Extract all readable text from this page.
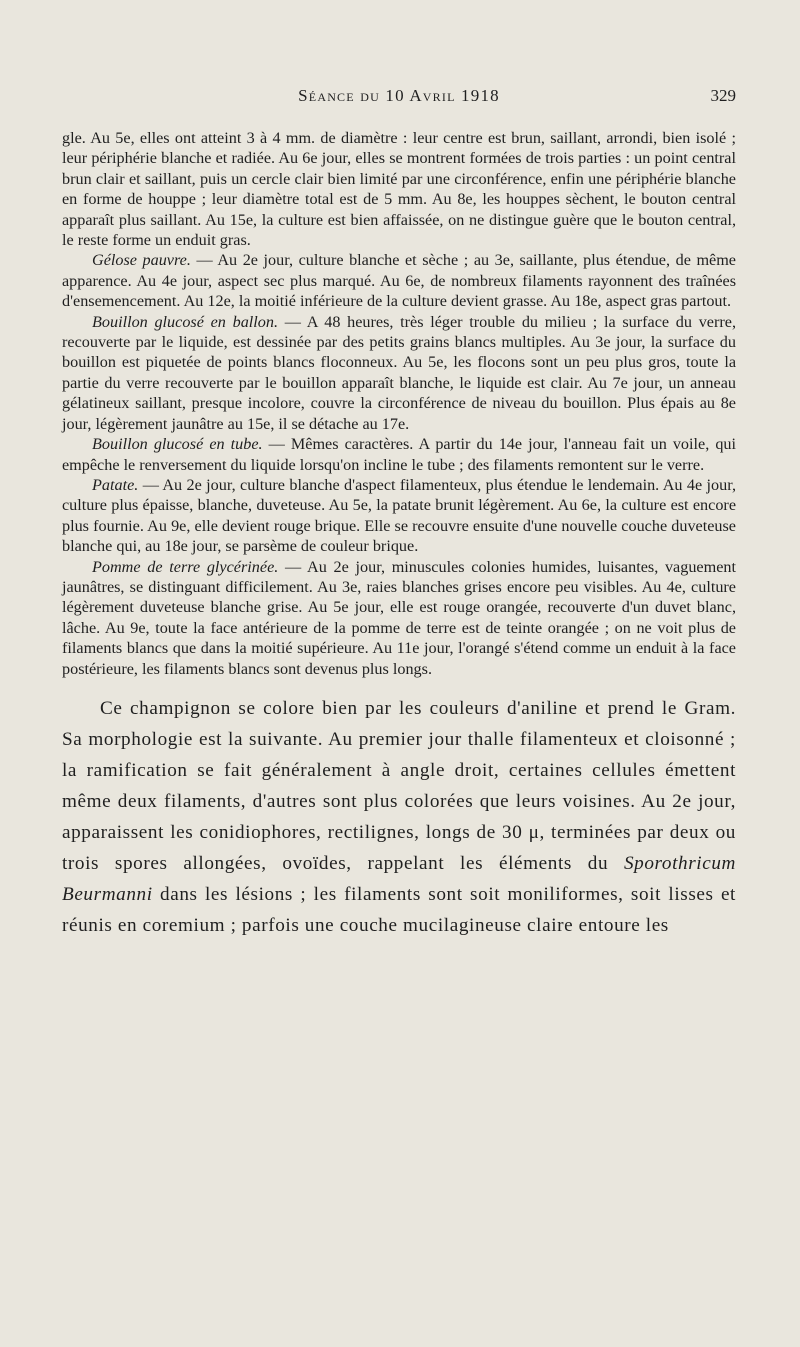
Séance du 10 Avril 1918	329

gle. Au 5e, elles ont atteint 3 à 4 mm. de diamètre : leur centre est brun, saillant, arrondi, bien isolé ; leur périphérie blanche et radiée. Au 6e jour, elles se montrent formées de trois parties : un point central brun clair et saillant, puis un cercle clair bien limité par une circonférence, enfin une périphérie blanche en forme de houppe ; leur diamètre total est de 5 mm. Au 8e, les houppes sèchent, le bouton central apparaît plus saillant. Au 15e, la culture est bien affaissée, on ne distingue guère que le bouton central, le reste forme un enduit gras.

Gélose pauvre. — Au 2e jour, culture blanche et sèche ; au 3e, saillante, plus étendue, de même apparence. Au 4e jour, aspect sec plus marqué. Au 6e, de nombreux filaments rayonnent des traînées d'ensemencement. Au 12e, la moitié inférieure de la culture devient grasse. Au 18e, aspect gras partout.

Bouillon glucosé en ballon. — A 48 heures, très léger trouble du milieu ; la surface du verre, recouverte par le liquide, est dessinée par des petits grains blancs multiples. Au 3e jour, la surface du bouillon est piquetée de points blancs floconneux. Au 5e, les flocons sont un peu plus gros, toute la partie du verre recouverte par le bouillon apparaît blanche, le liquide est clair. Au 7e jour, un anneau gélatineux saillant, presque incolore, couvre la circonférence de niveau du bouillon. Plus épais au 8e jour, légèrement jaunâtre au 15e, il se détache au 17e.

Bouillon glucosé en tube. — Mêmes caractères. A partir du 14e jour, l'anneau fait un voile, qui empêche le renversement du liquide lorsqu'on incline le tube ; des filaments remontent sur le verre.

Patate. — Au 2e jour, culture blanche d'aspect filamenteux, plus étendue le lendemain. Au 4e jour, culture plus épaisse, blanche, duveteuse. Au 5e, la patate brunit légèrement. Au 6e, la culture est encore plus fournie. Au 9e, elle devient rouge brique. Elle se recouvre ensuite d'une nouvelle couche duveteuse blanche qui, au 18e jour, se parsème de couleur brique.

Pomme de terre glycérinée. — Au 2e jour, minuscules colonies humides, luisantes, vaguement jaunâtres, se distinguant difficilement. Au 3e, raies blanches grises encore peu visibles. Au 4e, culture légèrement duveteuse blanche grise. Au 5e jour, elle est rouge orangée, recouverte d'un duvet blanc, lâche. Au 9e, toute la face antérieure de la pomme de terre est de teinte orangée ; on ne voit plus de filaments blancs que dans la moitié supérieure. Au 11e jour, l'orangé s'étend comme un enduit à la face postérieure, les filaments blancs sont devenus plus longs.

Ce champignon se colore bien par les couleurs d'aniline et prend le Gram. Sa morphologie est la suivante. Au premier jour thalle filamenteux et cloisonné ; la ramification se fait généralement à angle droit, certaines cellules émettent même deux filaments, d'autres sont plus colorées que leurs voisines. Au 2e jour, apparaissent les conidiophores, rectilignes, longs de 30 μ, terminées par deux ou trois spores allongées, ovoïdes, rappelant les éléments du Sporothricum Beurmanni dans les lésions ; les filaments sont soit moniliformes, soit lisses et réunis en coremium ; parfois une couche mucilagineuse claire entoure les
